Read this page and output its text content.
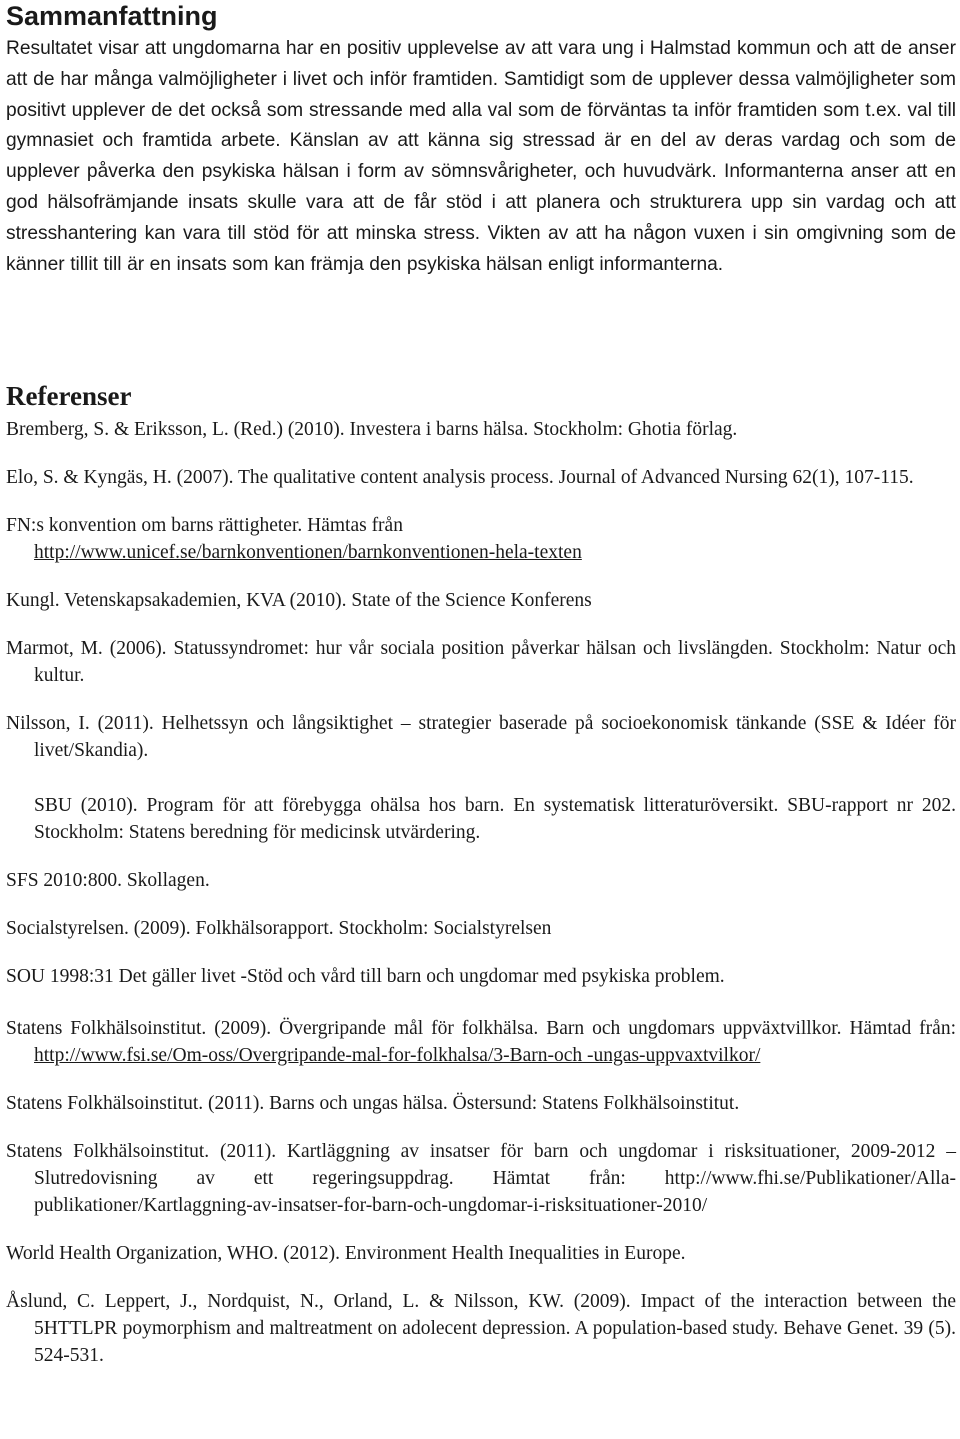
Sammanfattning

Resultatet visar att ungdomarna har en positiv upplevelse av att vara ung i Halmstad kommun och att de anser att de har många valmöjligheter i livet och inför framtiden. Samtidigt som de upplever dessa valmöjligheter som positivt upplever de det också som stressande med alla val som de förväntas ta inför framtiden som t.ex. val till gymnasiet och framtida arbete. Känslan av att känna sig stressad är en del av deras vardag och som de upplever påverka den psykiska hälsan i form av sömnsvårigheter, och huvudvärk. Informanterna anser att en god hälsofrämjande insats skulle vara att de får stöd i att planera och strukturera upp sin vardag och att stresshantering kan vara till stöd för att minska stress. Vikten av att ha någon vuxen i sin omgivning som de känner tillit till är en insats som kan främja den psykiska hälsan enligt informanterna.

Referenser

Bremberg, S. & Eriksson, L. (Red.) (2010). Investera i barns hälsa. Stockholm: Ghotia förlag.

Elo, S. & Kyngäs, H. (2007). The qualitative content analysis process. Journal of Advanced Nursing 62(1), 107-115.

FN:s konvention om barns rättigheter. Hämtas från
http://www.unicef.se/barnkonventionen/barnkonventionen-hela-texten

Kungl. Vetenskapsakademien, KVA (2010). State of the Science Konferens

Marmot, M. (2006). Statussyndromet: hur vår sociala position påverkar hälsan och livslängden. Stockholm: Natur och kultur.

Nilsson, I. (2011). Helhetssyn och långsiktighet – strategier baserade på socioekonomisk tänkande (SSE & Idéer för livet/Skandia).

SBU (2010). Program för att förebygga ohälsa hos barn. En systematisk litteraturöversikt. SBU-rapport nr 202. Stockholm: Statens beredning för medicinsk utvärdering.

SFS 2010:800. Skollagen.

Socialstyrelsen. (2009). Folkhälsorapport. Stockholm: Socialstyrelsen

SOU 1998:31 Det gäller livet -Stöd och vård till barn och ungdomar med psykiska problem.

Statens Folkhälsoinstitut. (2009). Övergripande mål för folkhälsa. Barn och ungdomars uppväxtvillkor. Hämtad från: http://www.fsi.se/Om-oss/Overgripande-mal-for-folkhalsa/3-Barn-och -ungas-uppvaxtvilkor/

Statens Folkhälsoinstitut. (2011). Barns och ungas hälsa. Östersund: Statens Folkhälsoinstitut.

Statens Folkhälsoinstitut. (2011). Kartläggning av insatser för barn och ungdomar i risksituationer, 2009-2012 – Slutredovisning av ett regeringsuppdrag. Hämtat från: http://www.fhi.se/Publikationer/Alla-publikationer/Kartlaggning-av-insatser-for-barn-och-ungdomar-i-risksituationer-2010/

World Health Organization, WHO. (2012). Environment Health Inequalities in Europe.

Åslund, C. Leppert, J., Nordquist, N., Orland, L. & Nilsson, KW. (2009). Impact of the interaction between the 5HTTLPR poymorphism and maltreatment on adolecent depression. A population-based study. Behave Genet. 39 (5). 524-531.
